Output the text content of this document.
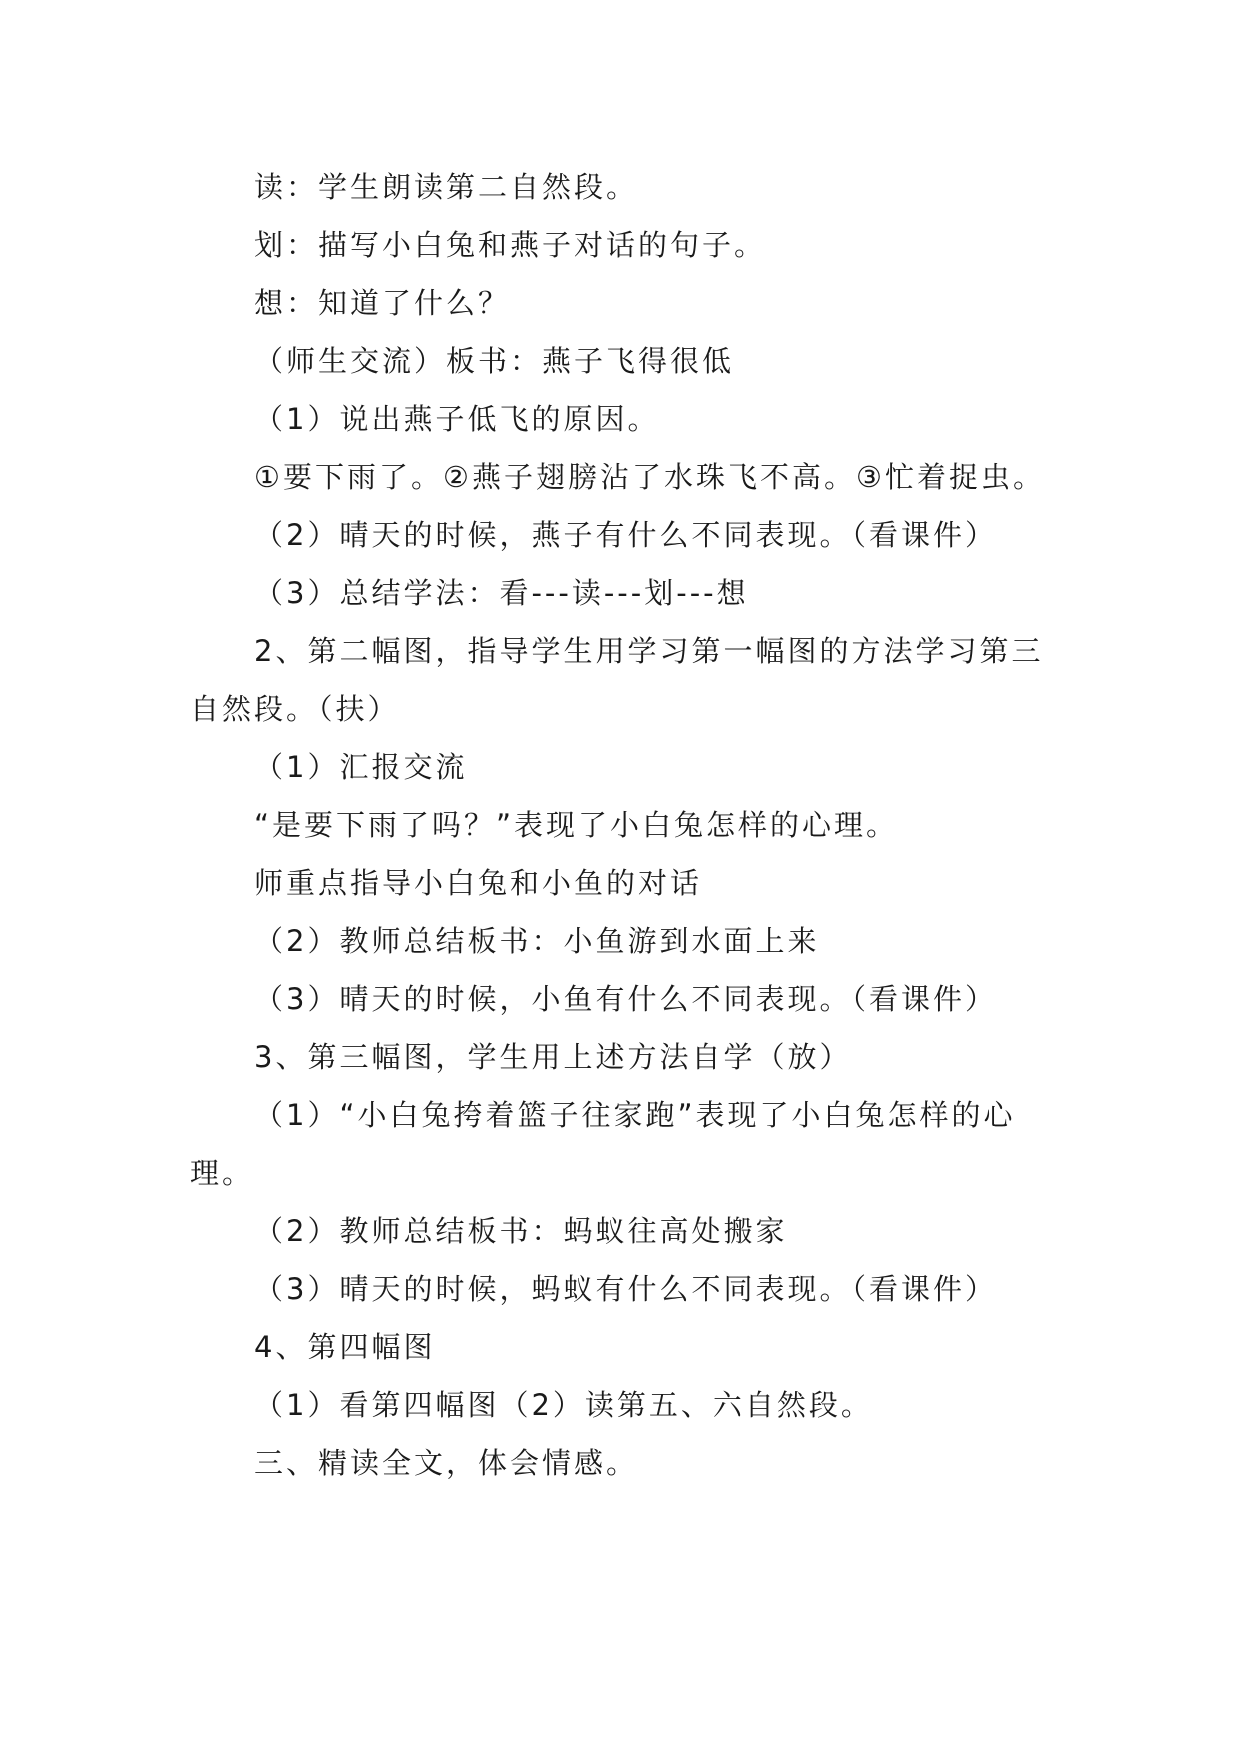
读：学生朗读第二自然段。

划：描写小白兔和燕子对话的句子。

想：知道了什么？

（师生交流）板书：燕子飞得很低

（1）说出燕子低飞的原因。

①要下雨了。②燕子翅膀沾了水珠飞不高。③忙着捉虫。

（2）晴天的时候，燕子有什么不同表现。（看课件）

（3）总结学法：看---读---划---想

2、第二幅图，指导学生用学习第一幅图的方法学习第三自然段。（扶）

（1）汇报交流

“是要下雨了吗？”表现了小白兔怎样的心理。

师重点指导小白兔和小鱼的对话

（2）教师总结板书：小鱼游到水面上来

（3）晴天的时候，小鱼有什么不同表现。（看课件）

3、第三幅图，学生用上述方法自学（放）

（1）“小白兔挎着篮子往家跑”表现了小白兔怎样的心理。

（2）教师总结板书：蚂蚁往高处搬家

（3）晴天的时候，蚂蚁有什么不同表现。（看课件）

4、第四幅图

（1）看第四幅图（2）读第五、六自然段。

三、精读全文，体会情感。
